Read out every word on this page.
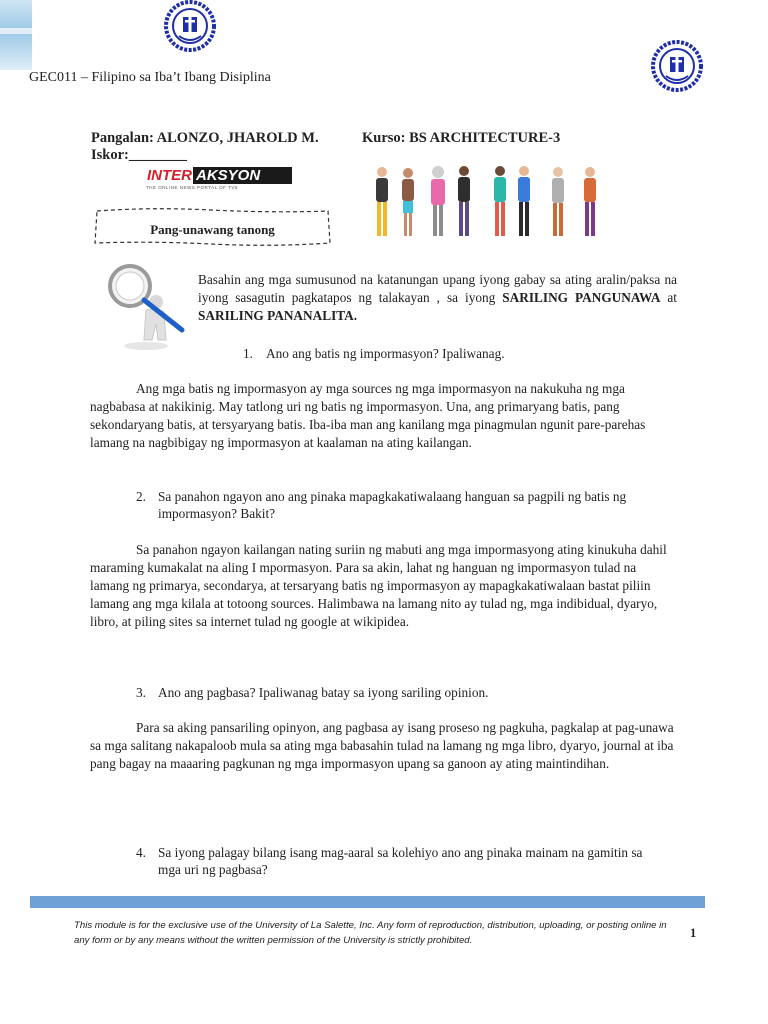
GEC011 – Filipino sa Iba’t Ibang Disiplina
Pangalan: ALONZO, JHAROLD M.	Kurso: BS ARCHITECTURE-3
Iskor:________
INTER AKSYON
THE ONLINE NEWS PORTAL OF TV5
Pang-unawang tanong
Basahin ang mga sumusunod na katanungan upang iyong gabay sa ating aralin/paksa na iyong sasagutin pagkatapos ng talakayan , sa iyong SARILING PANGUNAWA at SARILING PANANALITA.
1. Ano ang batis ng impormasyon? Ipaliwanag.
Ang mga batis ng impormasyon ay mga sources ng mga impormasyon na nakukuha ng mga nagbabasa at nakikinig. May tatlong uri ng batis ng impormasyon. Una, ang primaryang batis, pang sekondaryang batis, at tersyaryang batis. Iba-iba man ang kanilang mga pinagmulan ngunit pare-parehas lamang na nagbibigay ng impormasyon at kaalaman na ating kailangan.
2. Sa panahon ngayon ano ang pinaka mapagkakatiwalaang hanguan sa pagpili ng batis ng impormasyon? Bakit?
Sa panahon ngayon kailangan nating suriin ng mabuti ang mga impormasyong ating kinukuha dahil maraming kumakalat na aling I mpormasyon. Para sa akin, lahat ng hanguan ng impormasyon tulad na lamang ng primarya, secondarya, at tersaryang batis ng impormasyon ay mapagkakatiwalaan bastat piliin lamang ang mga kilala at totoong sources. Halimbawa na lamang nito ay tulad ng, mga indibidual, dyaryo, libro, at piling sites sa internet tulad ng google at wikipidea.
3. Ano ang pagbasa? Ipaliwanag batay sa iyong sariling opinion.
Para sa aking pansariling opinyon, ang pagbasa ay isang proseso ng pagkuha, pagkalap at pag-unawa sa mga salitang nakapaloob mula sa ating mga babasahin tulad na lamang ng mga libro, dyaryo, journal at iba pang bagay na maaaring pagkunan ng mga impormasyon upang sa ganoon ay ating maintindihan.
4. Sa iyong palagay bilang isang mag-aaral sa kolehiyo ano ang pinaka mainam na gamitin sa mga uri ng pagbasa?
This module is for the exclusive use of the University of La Salette, Inc. Any form of reproduction, distribution, uploading, or posting online in any form or by any means without the written permission of the University is strictly prohibited.
1
